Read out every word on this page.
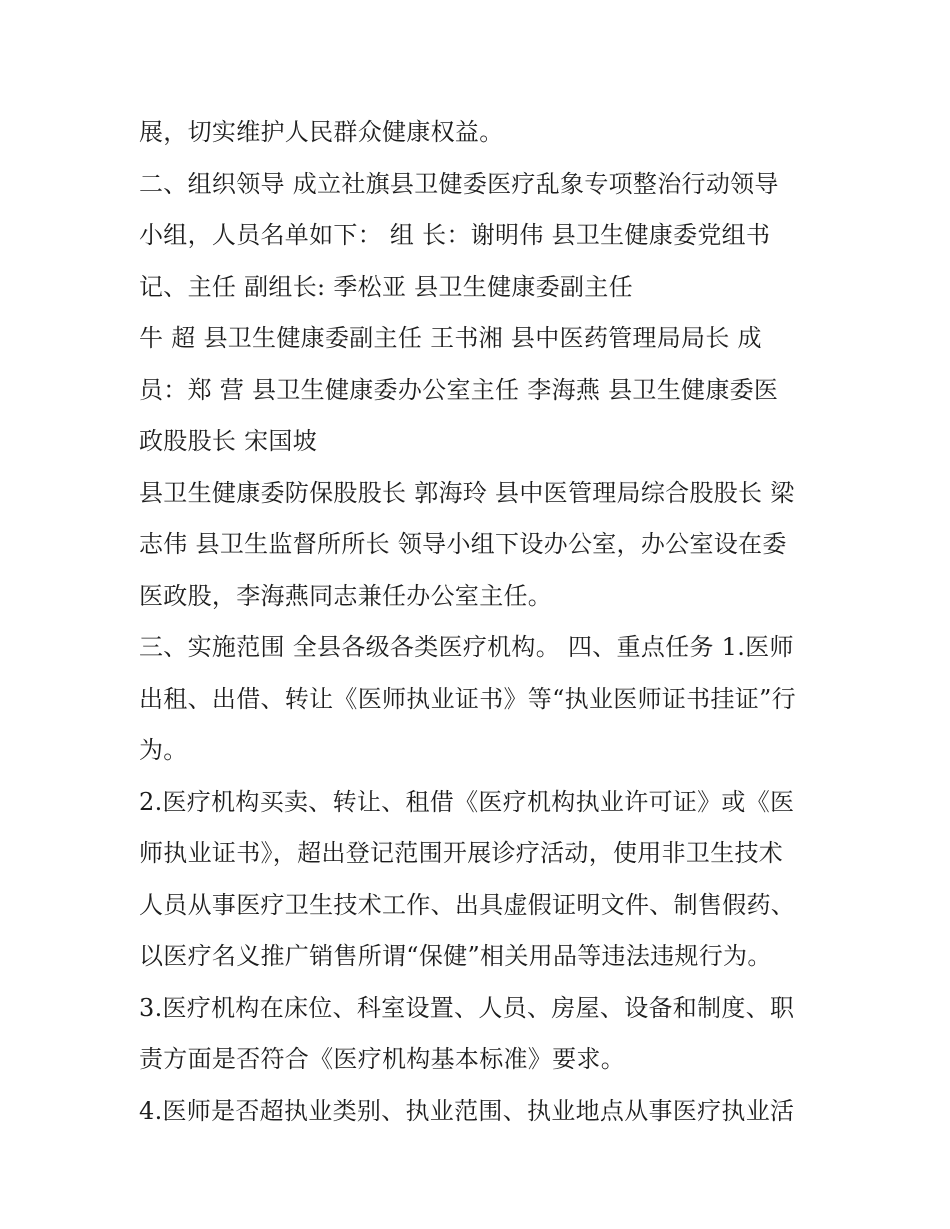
展，切实维护人民群众健康权益。
二、组织领导 成立社旗县卫健委医疗乱象专项整治行动领导
小组，人员名单如下： 组 长：谢明伟 县卫生健康委党组书
记、主任 副组长: 季松亚 县卫生健康委副主任
牛 超 县卫生健康委副主任 王书湘 县中医药管理局局长 成
员：郑 营 县卫生健康委办公室主任 李海燕 县卫生健康委医
政股股长 宋国坡
县卫生健康委防保股股长 郭海玲 县中医管理局综合股股长 梁
志伟 县卫生监督所所长 领导小组下设办公室，办公室设在委
医政股，李海燕同志兼任办公室主任。
三、实施范围 全县各级各类医疗机构。 四、重点任务 1.医师
出租、出借、转让《医师执业证书》等“执业医师证书挂证”行
为。
2.医疗机构买卖、转让、租借《医疗机构执业许可证》或《医
师执业证书》，超出登记范围开展诊疗活动，使用非卫生技术
人员从事医疗卫生技术工作、出具虚假证明文件、制售假药、
以医疗名义推广销售所谓“保健”相关用品等违法违规行为。
3.医疗机构在床位、科室设置、人员、房屋、设备和制度、职
责方面是否符合《医疗机构基本标准》要求。
4.医师是否超执业类别、执业范围、执业地点从事医疗执业活
